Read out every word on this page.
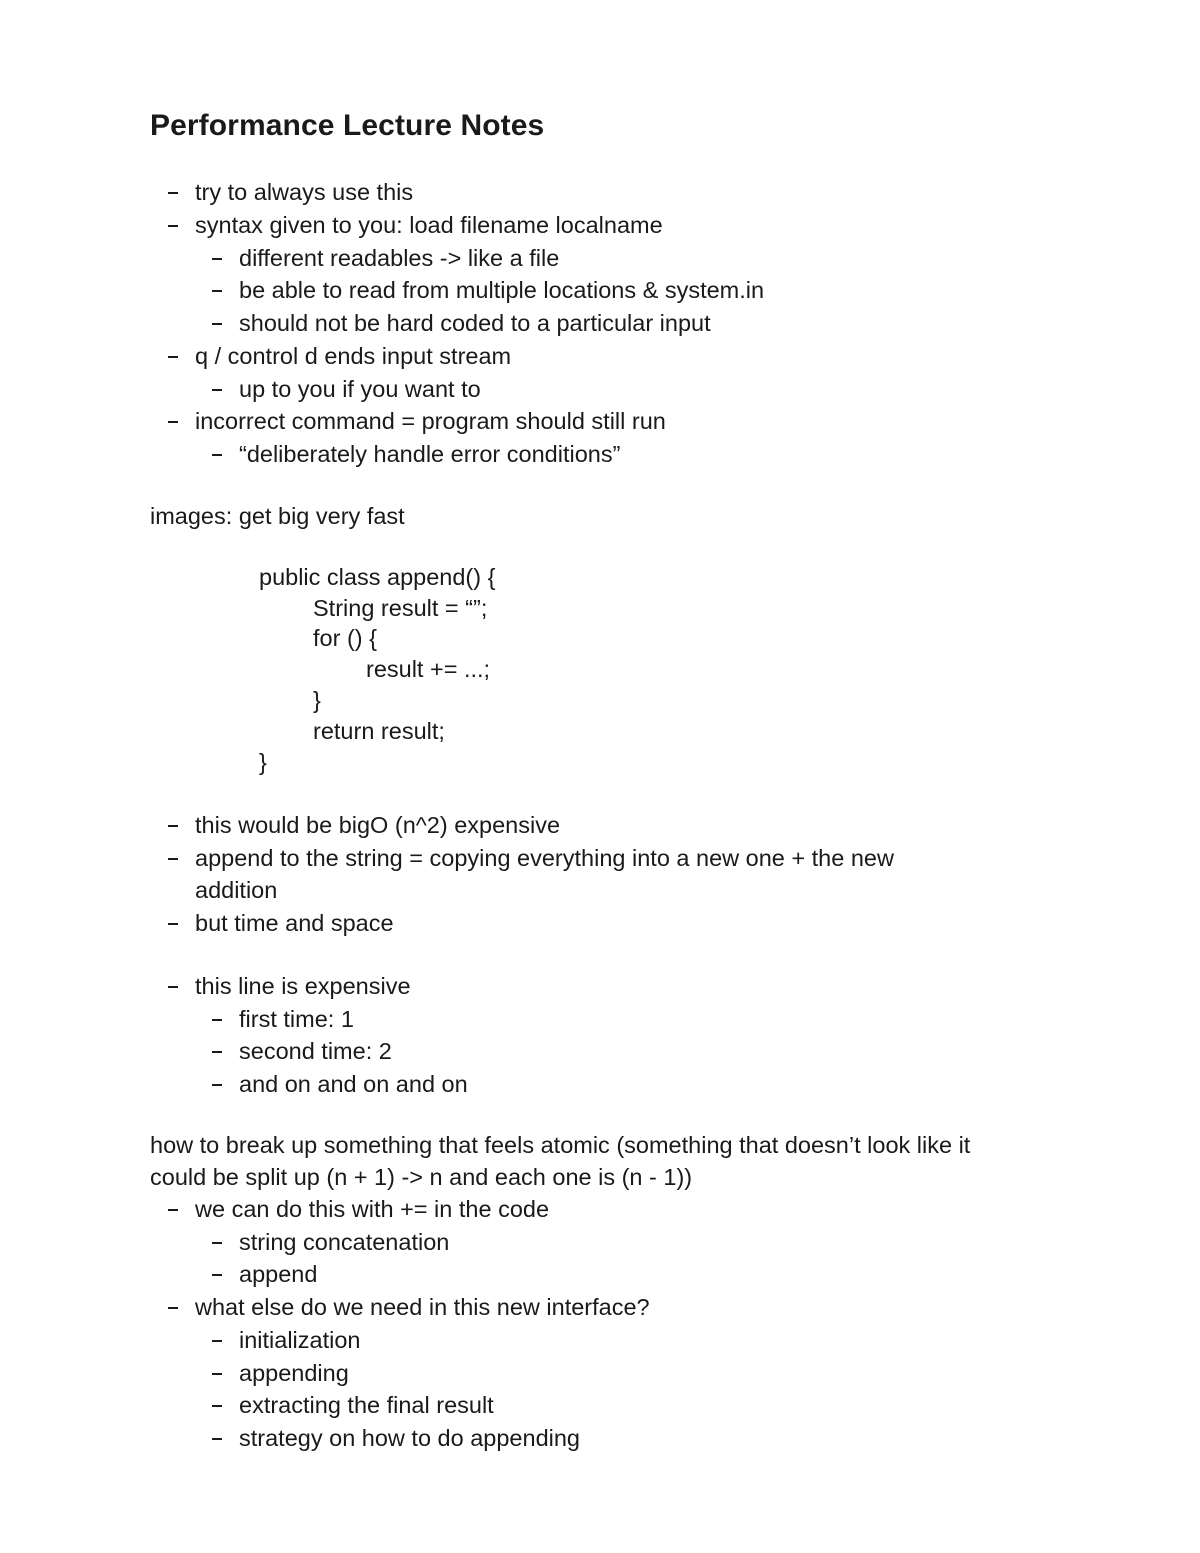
Performance Lecture Notes
try to always use this
syntax given to you: load filename localname
different readables -> like a file
be able to read from multiple locations & system.in
should not be hard coded to a particular input
q / control d ends input stream
up to you if you want to
incorrect command = program should still run
“deliberately handle error conditions”
images: get big very fast
public class append() {
String result = “”;
for () {
result += ...;
}
return result;
}
this would be bigO (n^2) expensive
append to the string = copying everything into a new one + the new
addition
but time and space
this line is expensive
first time: 1
second time: 2
and on and on and on
how to break up something that feels atomic (something that doesn’t look like it
could be split up (n + 1) -> n and each one is (n - 1))
we can do this with += in the code
string concatenation
append
what else do we need in this new interface?
initialization
appending
extracting the final result
strategy on how to do appending
